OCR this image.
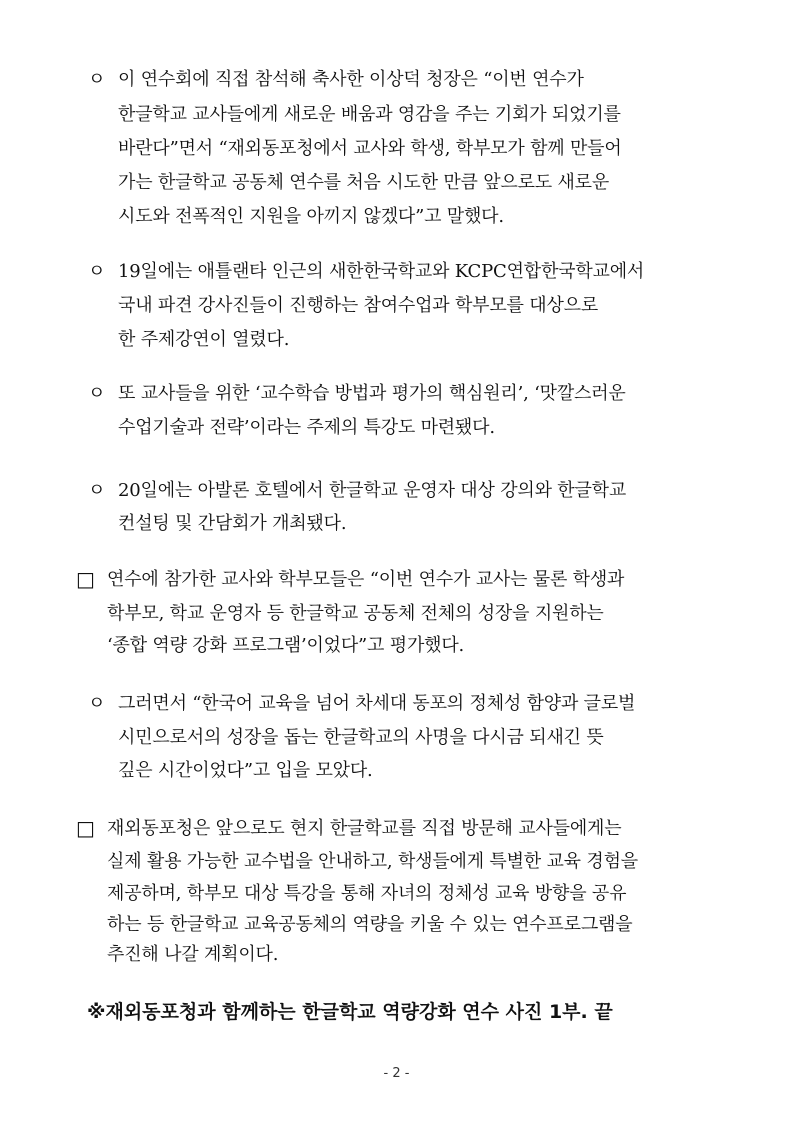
ㅇ 이 연수회에 직접 참석해 축사한 이상덕 청장은 “이번 연수가
한글학교 교사들에게 새로운 배움과 영감을 주는 기회가 되었기를
바란다”면서 “재외동포청에서 교사와 학생, 학부모가 함께 만들어
가는 한글학교 공동체 연수를 처음 시도한 만큼 앞으로도 새로운
시도와 전폭적인 지원을 아끼지 않겠다”고 말했다.
ㅇ 19일에는 애틀랜타 인근의 새한한국학교와 KCPC연합한국학교에서
국내 파견 강사진들이 진행하는 참여수업과 학부모를 대상으로
한 주제강연이 열렸다.
ㅇ 또 교사들을 위한 ‘교수학습 방법과 평가의 핵심원리’, ‘맛깔스러운
수업기술과 전략’이라는 주제의 특강도 마련됐다.
ㅇ 20일에는 아발론 호텔에서 한글학교 운영자 대상 강의와 한글학교
컨설팅 및 간담회가 개최됐다.
□ 연수에 참가한 교사와 학부모들은 “이번 연수가 교사는 물론 학생과
학부모, 학교 운영자 등 한글학교 공동체 전체의 성장을 지원하는
‘종합 역량 강화 프로그램’이었다”고 평가했다.
ㅇ 그러면서 “한국어 교육을 넘어 차세대 동포의 정체성 함양과 글로벌
시민으로서의 성장을 돕는 한글학교의 사명을 다시금 되새긴 뜻
깊은 시간이었다”고 입을 모았다.
□ 재외동포청은 앞으로도 현지 한글학교를 직접 방문해 교사들에게는
실제 활용 가능한 교수법을 안내하고, 학생들에게 특별한 교육 경험을
제공하며, 학부모 대상 특강을 통해 자녀의 정체성 교육 방향을 공유
하는 등 한글학교 교육공동체의 역량을 키울 수 있는 연수프로그램을
추진해 나갈 계획이다.
※재외동포청과 함께하는 한글학교 역량강화 연수 사진 1부. 끝
- 2 -
